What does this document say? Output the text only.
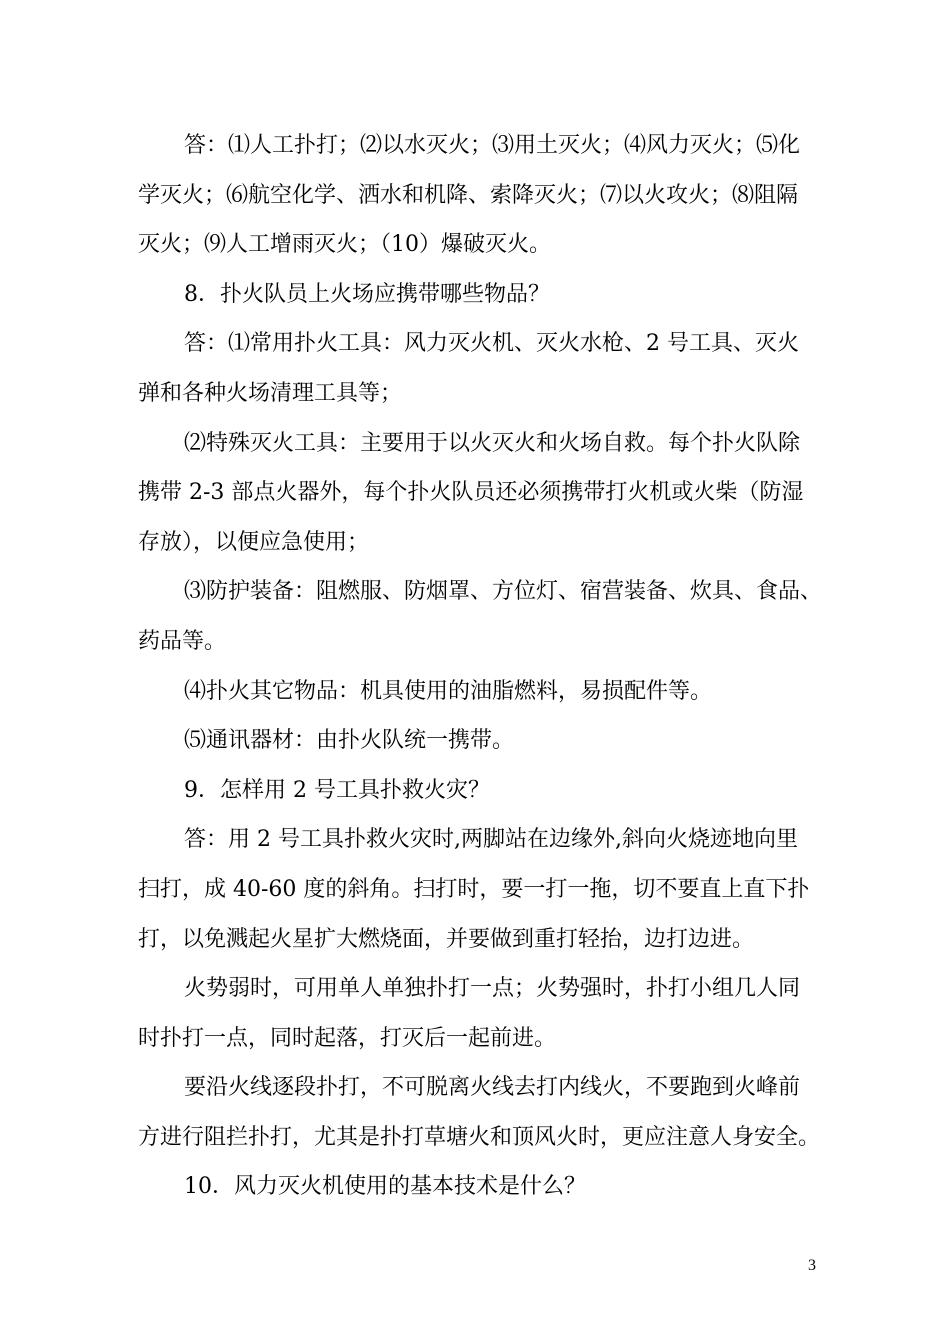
答：⑴人工扑打；⑵以水灭火；⑶用土灭火；⑷风力灭火；⑸化
学灭火；⑹航空化学、洒水和机降、索降灭火；⑺以火攻火；⑻阻隔
灭火；⑼人工增雨灭火；（10）爆破灭火。
8．扑火队员上火场应携带哪些物品？
答：⑴常用扑火工具：风力灭火机、灭火水枪、2 号工具、灭火
弹和各种火场清理工具等；
⑵特殊灭火工具：主要用于以火灭火和火场自救。每个扑火队除
携带 2-3 部点火器外，每个扑火队员还必须携带打火机或火柴（防湿
存放），以便应急使用；
⑶防护装备：阻燃服、防烟罩、方位灯、宿营装备、炊具、食品、
药品等。
⑷扑火其它物品：机具使用的油脂燃料，易损配件等。
⑸通讯器材：由扑火队统一携带。
9．怎样用 2 号工具扑救火灾？
答：用 2 号工具扑救火灾时,两脚站在边缘外,斜向火烧迹地向里
扫打，成 40-60 度的斜角。扫打时，要一打一拖，切不要直上直下扑
打，以免溅起火星扩大燃烧面，并要做到重打轻抬，边打边进。
火势弱时，可用单人单独扑打一点；火势强时，扑打小组几人同
时扑打一点，同时起落，打灭后一起前进。
要沿火线逐段扑打，不可脱离火线去打内线火，不要跑到火峰前
方进行阻拦扑打，尤其是扑打草塘火和顶风火时，更应注意人身安全。
10．风力灭火机使用的基本技术是什么？
3
